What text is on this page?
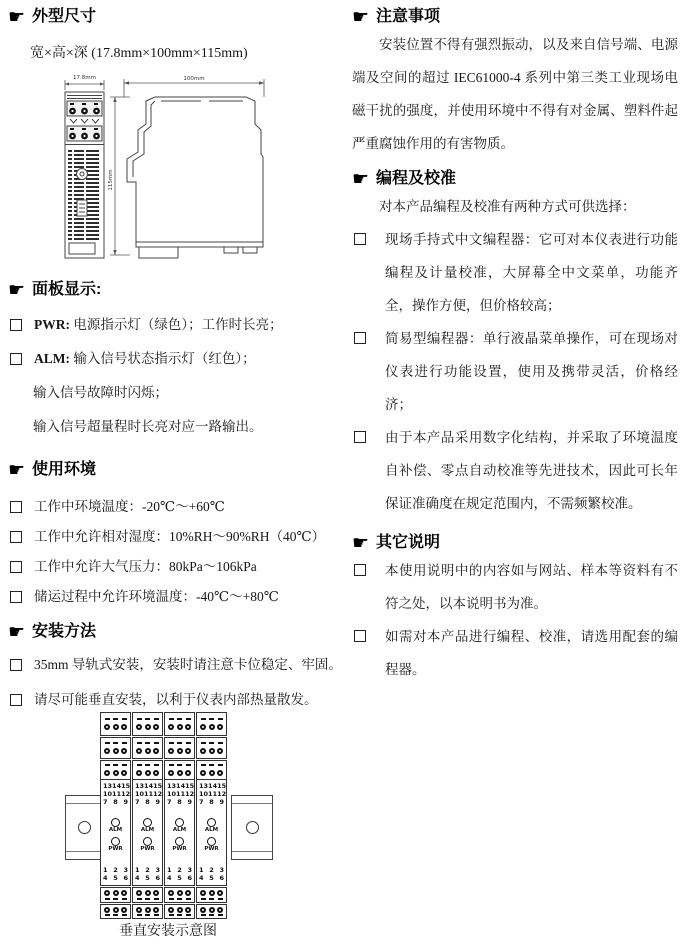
☛ 外型尺寸
宽×高×深 (17.8mm×100mm×115mm)
17.8mm	100mm
115mm
☛ 面板显示:
PWR: 电源指示灯（绿色）；工作时长亮；
ALM: 输入信号状态指示灯（红色）；
输入信号故障时闪烁；
输入信号超量程时长亮对应一路输出。
☛ 使用环境
工作中环境温度：-20℃～+60℃
工作中允许相对湿度：10%RH～90%RH（40℃）
工作中允许大气压力：80kPa～106kPa
储运过程中允许环境温度：-40℃～+80℃
☛ 安装方法
35mm 导轨式安装，安装时请注意卡位稳定、牢固。
请尽可能垂直安装，以利于仪表内部热量散发。
13 14 15
10 11 12
7 8 9
ALM
PWR
1 2 3
4 5 6
13 14 15
10 11 12
7 8 9
ALM
PWR
1 2 3
4 5 6
13 14 15
10 11 12
7 8 9
ALM
PWR
1 2 3
4 5 6
13 14 15
10 11 12
7 8 9
ALM
PWR
1 2 3
4 5 6
垂直安装示意图
☛ 注意事项

安装位置不得有强烈振动，以及来自信号端、电源端及空间的超过 IEC61000-4 系列中第三类工业现场电磁干扰的强度，并使用环境中不得有对金属、塑料件起严重腐蚀作用的有害物质。

☛ 编程及校准

对本产品编程及校准有两种方式可供选择：

现场手持式中文编程器：它可对本仪表进行功能编程及计量校准，大屏幕全中文菜单，功能齐全，操作方便，但价格较高；
简易型编程器：单行液晶菜单操作，可在现场对仪表进行功能设置，使用及携带灵活，价格经济；
由于本产品采用数字化结构，并采取了环境温度自补偿、零点自动校准等先进技术，因此可长年保证准确度在规定范围内，不需频繁校准。
☛ 其它说明
本使用说明中的内容如与网站、样本等资料有不符之处，以本说明书为准。
如需对本产品进行编程、校准，请选用配套的编程器。
